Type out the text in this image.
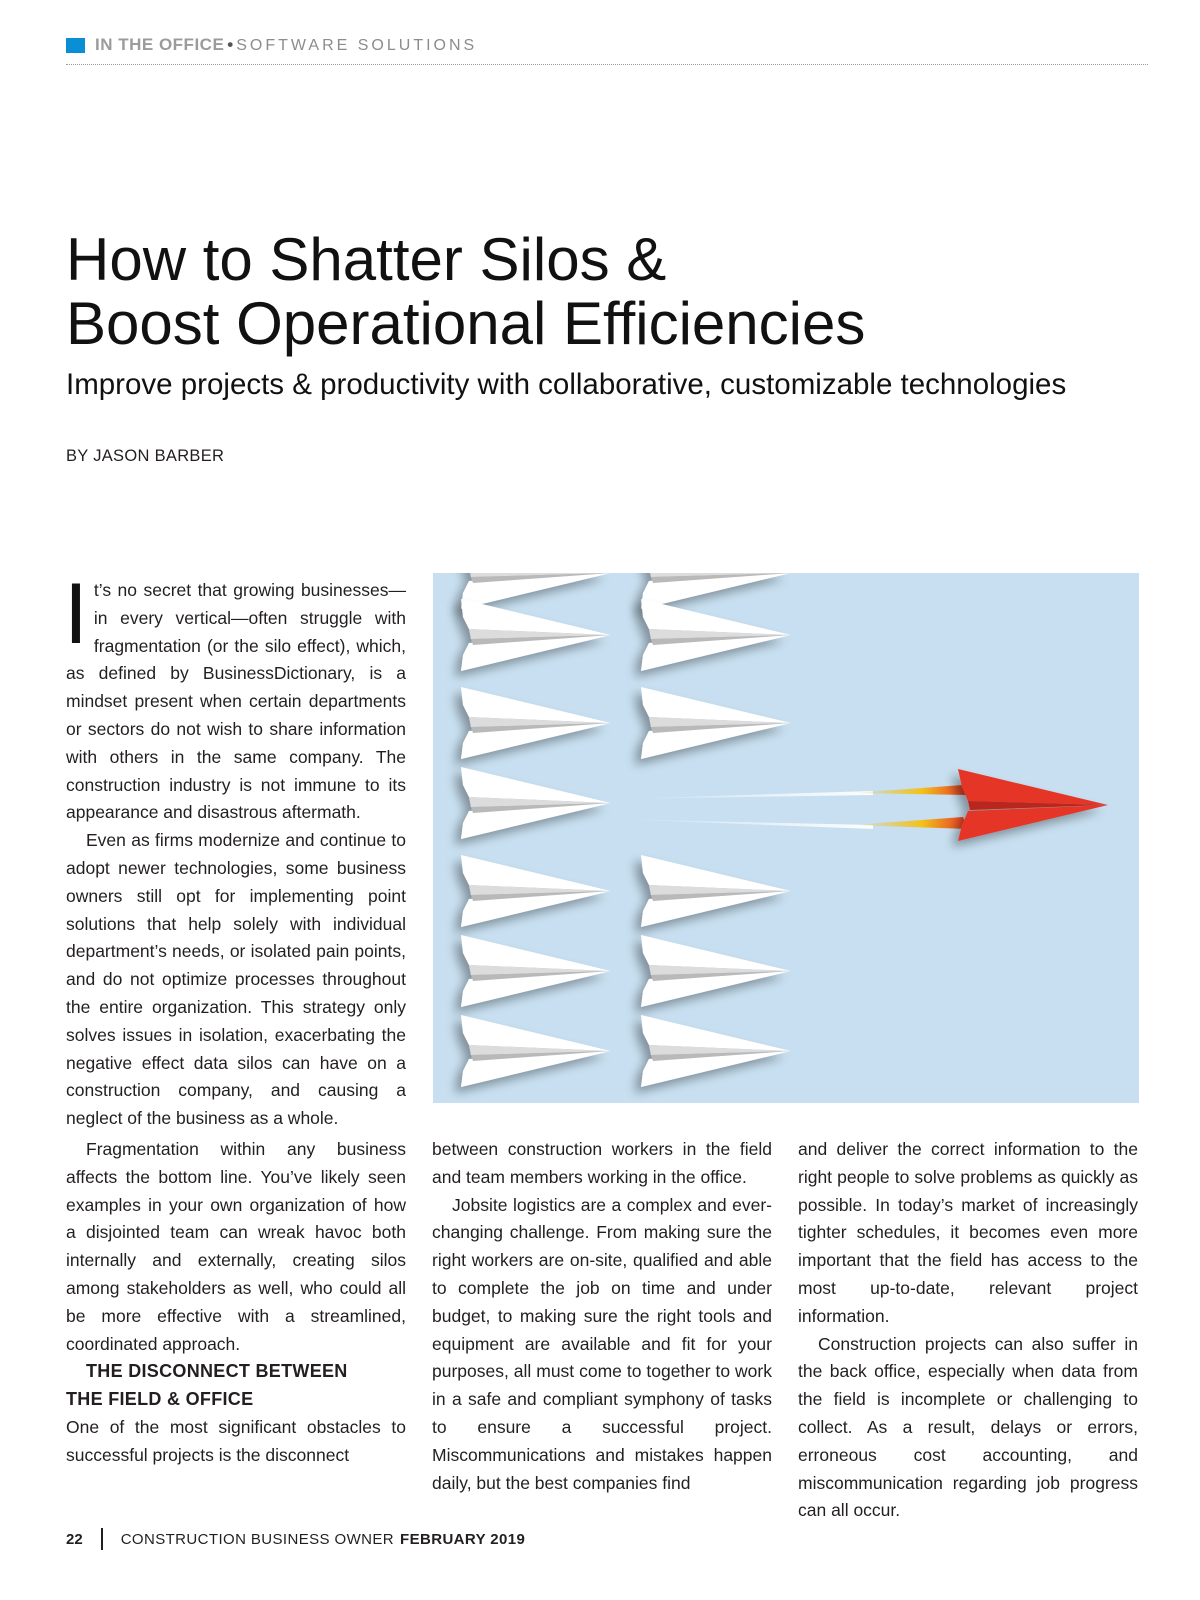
IN THE OFFICE • SOFTWARE SOLUTIONS
How to Shatter Silos &
Boost Operational Efficiencies
Improve projects & productivity with collaborative, customizable technologies
BY JASON BARBER

It’s no secret that growing businesses—in every vertical—often struggle with fragmentation (or the silo effect), which, as defined by BusinessDictionary, is a mindset present when certain departments or sectors do not wish to share information with others in the same company. The construction industry is not immune to its appearance and disastrous aftermath.

Even as firms modernize and continue to adopt newer technologies, some business owners still opt for implementing point solutions that help solely with individual department’s needs, or isolated pain points, and do not optimize processes throughout the entire organization. This strategy only solves issues in isolation, exacerbating the negative effect data silos can have on a construction company, and causing a neglect of the business as a whole.

Fragmentation within any business affects the bottom line. You’ve likely seen examples in your own organization of how a disjointed team can wreak havoc both internally and externally, creating silos among stakeholders as well, who could all be more effective with a streamlined, coordinated approach.

THE DISCONNECT BETWEEN
THE FIELD & OFFICE

One of the most significant obstacles to successful projects is the disconnect

between construction workers in the field and team members working in the office.

Jobsite logistics are a complex and ever-changing challenge. From making sure the right workers are on-site, qualified and able to complete the job on time and under budget, to making sure the right tools and equipment are available and fit for your purposes, all must come to together to work in a safe and compliant symphony of tasks to ensure a successful project. Miscommunications and mistakes happen daily, but the best companies find

and deliver the correct information to the right people to solve problems as quickly as possible. In today’s market of increasingly tighter schedules, it becomes even more important that the field has access to the most up-to-date, relevant project information.

Construction projects can also suffer in the back office, especially when data from the field is incomplete or challenging to collect. As a result, delays or errors, erroneous cost accounting, and miscommunication regarding job progress can all occur.

22	CONSTRUCTION BUSINESS OWNER FEBRUARY 2019
